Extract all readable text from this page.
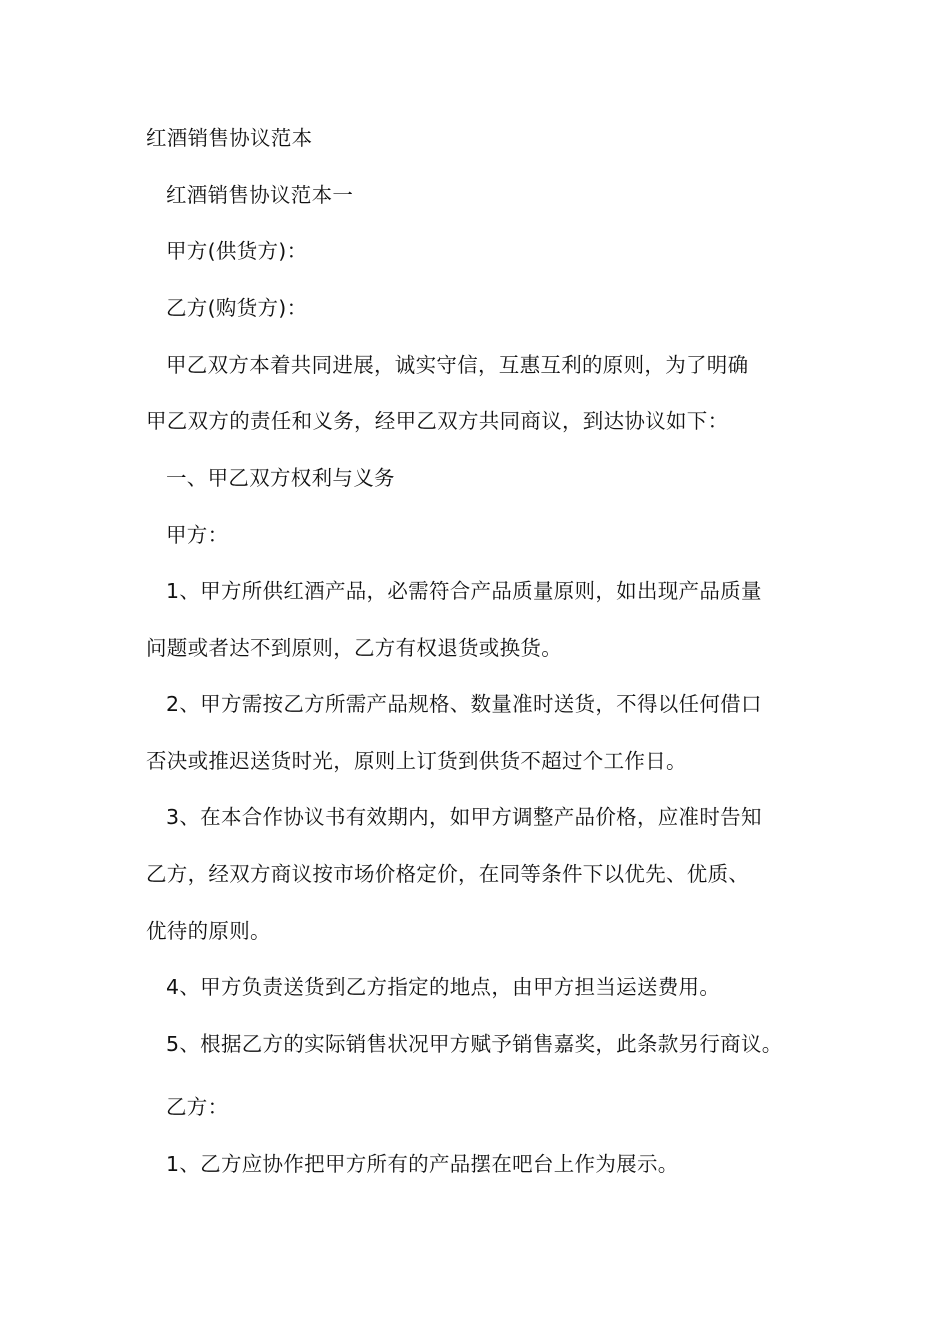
红酒销售协议范本
红酒销售协议范本一
甲方(供货方)：
乙方(购货方)：
甲乙双方本着共同进展，诚实守信，互惠互利的原则，为了明确
甲乙双方的责任和义务，经甲乙双方共同商议，到达协议如下：
一、甲乙双方权利与义务
甲方：
1、甲方所供红酒产品，必需符合产品质量原则，如出现产品质量
问题或者达不到原则，乙方有权退货或换货。
2、甲方需按乙方所需产品规格、数量准时送货，不得以任何借口
否决或推迟送货时光，原则上订货到供货不超过个工作日。
3、在本合作协议书有效期内，如甲方调整产品价格，应准时告知
乙方，经双方商议按市场价格定价，在同等条件下以优先、优质、
优待的原则。
4、甲方负责送货到乙方指定的地点，由甲方担当运送费用。
5、根据乙方的实际销售状况甲方赋予销售嘉奖，此条款另行商议。
乙方：
1、乙方应协作把甲方所有的产品摆在吧台上作为展示。
